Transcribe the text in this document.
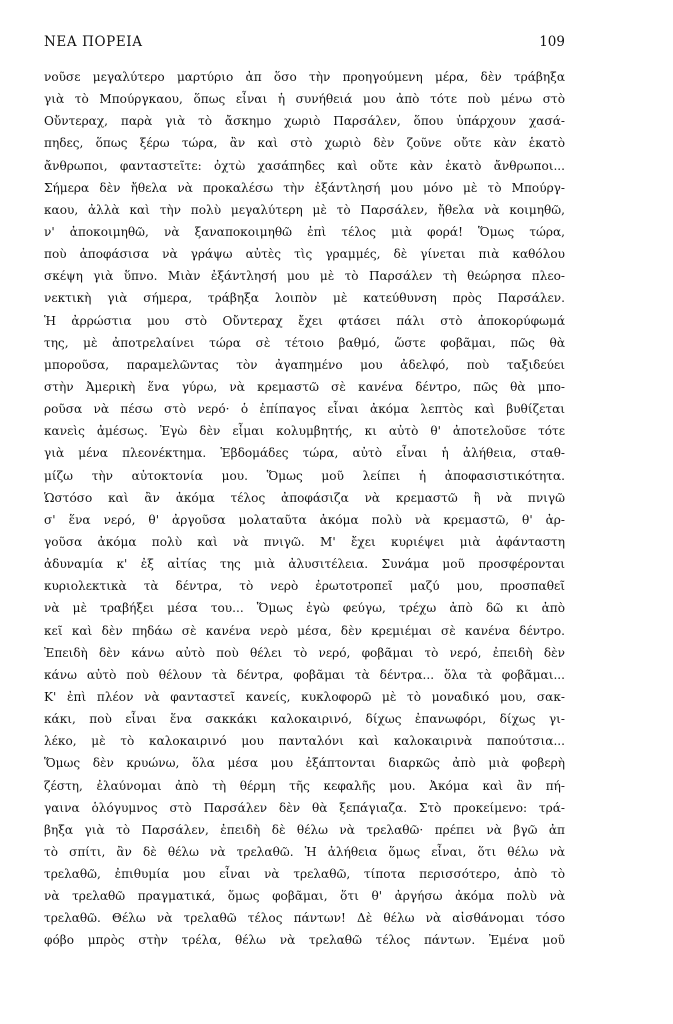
ΝΕΑ ΠΟΡΕΙΑ	109
νοῦσε μεγαλύτερο μαρτύριο ἀπ ὅσο τὴν προηγούμενη μέρα, δὲν τράβηξα
γιὰ τὸ Μπούργκαου, ὅπως εἶναι ἡ συνήθειά μου ἀπὸ τότε ποὺ μένω στὸ
Οὔντεραχ, παρὰ γιὰ τὸ ἄσκημο χωριὸ Παρσάλεν, ὅπου ὑπάρχουν χασά-
πηδες, ὅπως ξέρω τώρα, ἂν καὶ στὸ χωριὸ δὲν ζοῦνε οὔτε κὰν ἑκατὸ
ἄνθρωποι, φανταστεῖτε: ὀχτὼ χασάπηδες καὶ οὔτε κὰν ἑκατὸ ἄνθρωποι...
Σήμερα δὲν ἤθελα νὰ προκαλέσω τὴν ἐξάντλησή μου μόνο μὲ τὸ Μπούργ-
καου, ἀλλὰ καὶ τὴν πολὺ μεγαλύτερη μὲ τὸ Παρσάλεν, ἤθελα νὰ κοιμηθῶ,
ν' ἀποκοιμηθῶ, νὰ ξαναποκοιμηθῶ ἐπὶ τέλος μιὰ φορά! Ὅμως τώρα,
ποὺ ἀποφάσισα νὰ γράψω αὐτὲς τὶς γραμμές, δὲ γίνεται πιὰ καθόλου
σκέψη γιὰ ὕπνο. Μιὰν ἐξάντλησή μου μὲ τὸ Παρσάλεν τὴ θεώρησα πλεο-
νεκτικὴ γιὰ σήμερα, τράβηξα λοιπὸν μὲ κατεύθυνση πρὸς Παρσάλεν.
Ἡ ἀρρώστια μου στὸ Οὔντεραχ ἔχει φτάσει πάλι στὸ ἀποκορύφωμά
της, μὲ ἀποτρελαίνει τώρα σὲ τέτοιο βαθμό, ὥστε φοβᾶμαι, πῶς θὰ
μποροῦσα, παραμελῶντας τὸν ἀγαπημένο μου ἀδελφό, ποὺ ταξιδεύει
στὴν Ἀμερικὴ ἕνα γύρω, νὰ κρεμαστῶ σὲ κανένα δέντρο, πῶς θὰ μπο-
ροῦσα νὰ πέσω στὸ νερό· ὁ ἐπίπαγος εἶναι ἀκόμα λεπτὸς καὶ βυθίζεται
κανεὶς ἀμέσως. Ἐγὼ δὲν εἶμαι κολυμβητής, κι αὐτὸ θ' ἀποτελοῦσε τότε
γιὰ μένα πλεονέκτημα. Ἑβδομάδες τώρα, αὐτὸ εἶναι ἡ ἀλήθεια, σταθ-
μίζω τὴν αὐτοκτονία μου. Ὅμως μοῦ λείπει ἡ ἀποφασιστικότητα.
Ὡστόσο καὶ ἂν ἀκόμα τέλος ἀποφάσιζα νὰ κρεμαστῶ ἢ νὰ πνιγῶ
σ' ἕνα νερό, θ' ἀργοῦσα μολαταῦτα ἀκόμα πολὺ νὰ κρεμαστῶ, θ' ἀρ-
γοῦσα ἀκόμα πολὺ καὶ νὰ πνιγῶ. Μ' ἔχει κυριέψει μιὰ ἀφάνταστη
ἀδυναμία κ' ἐξ αἰτίας της μιὰ ἀλυσιτέλεια. Συνάμα μοῦ προσφέρονται
κυριολεκτικὰ τὰ δέντρα, τὸ νερὸ ἐρωτοτροπεῖ μαζύ μου, προσπαθεῖ
νὰ μὲ τραβήξει μέσα του... Ὅμως ἐγὼ φεύγω, τρέχω ἀπὸ δῶ κι ἀπὸ
κεῖ καὶ δὲν πηδάω σὲ κανένα νερὸ μέσα, δὲν κρεμιέμαι σὲ κανένα δέντρο.
Ἐπειδὴ δὲν κάνω αὐτὸ ποὺ θέλει τὸ νερό, φοβᾶμαι τὸ νερό, ἐπειδὴ δὲν
κάνω αὐτὸ ποὺ θέλουν τὰ δέντρα, φοβᾶμαι τὰ δέντρα... ὅλα τὰ φοβᾶμαι...
Κ' ἐπὶ πλέον νὰ φανταστεῖ κανείς, κυκλοφορῶ μὲ τὸ μοναδικό μου, σακ-
κάκι, ποὺ εἶναι ἕνα σακκάκι καλοκαιρινό, δίχως ἐπανωφόρι, δίχως γι-
λέκο, μὲ τὸ καλοκαιρινό μου πανταλόνι καὶ καλοκαιρινὰ παπούτσια...
Ὅμως δὲν κρυώνω, ὅλα μέσα μου ἐξάπτονται διαρκῶς ἀπὸ μιὰ φοβερὴ
ζέστη, ἐλαύνομαι ἀπὸ τὴ θέρμη τῆς κεφαλῆς μου. Ἀκόμα καὶ ἂν πή-
γαινα ὁλόγυμνος στὸ Παρσάλεν δὲν θὰ ξεπάγιαζα. Στὸ προκείμενο: τρά-
βηξα γιὰ τὸ Παρσάλεν, ἐπειδὴ δὲ θέλω νὰ τρελαθῶ· πρέπει νὰ βγῶ ἀπ
τὸ σπίτι, ἂν δὲ θέλω νὰ τρελαθῶ. Ἡ ἀλήθεια ὅμως εἶναι, ὅτι θέλω νὰ
τρελαθῶ, ἐπιθυμία μου εἶναι νὰ τρελαθῶ, τίποτα περισσότερο, ἀπὸ τὸ
νὰ τρελαθῶ πραγματικά, ὅμως φοβᾶμαι, ὅτι θ' ἀργήσω ἀκόμα πολὺ νὰ
τρελαθῶ. Θέλω νὰ τρελαθῶ τέλος πάντων! Δὲ θέλω νὰ αἰσθάνομαι τόσο
φόβο μπρὸς στὴν τρέλα, θέλω νὰ τρελαθῶ τέλος πάντων. Ἐμένα μοῦ
